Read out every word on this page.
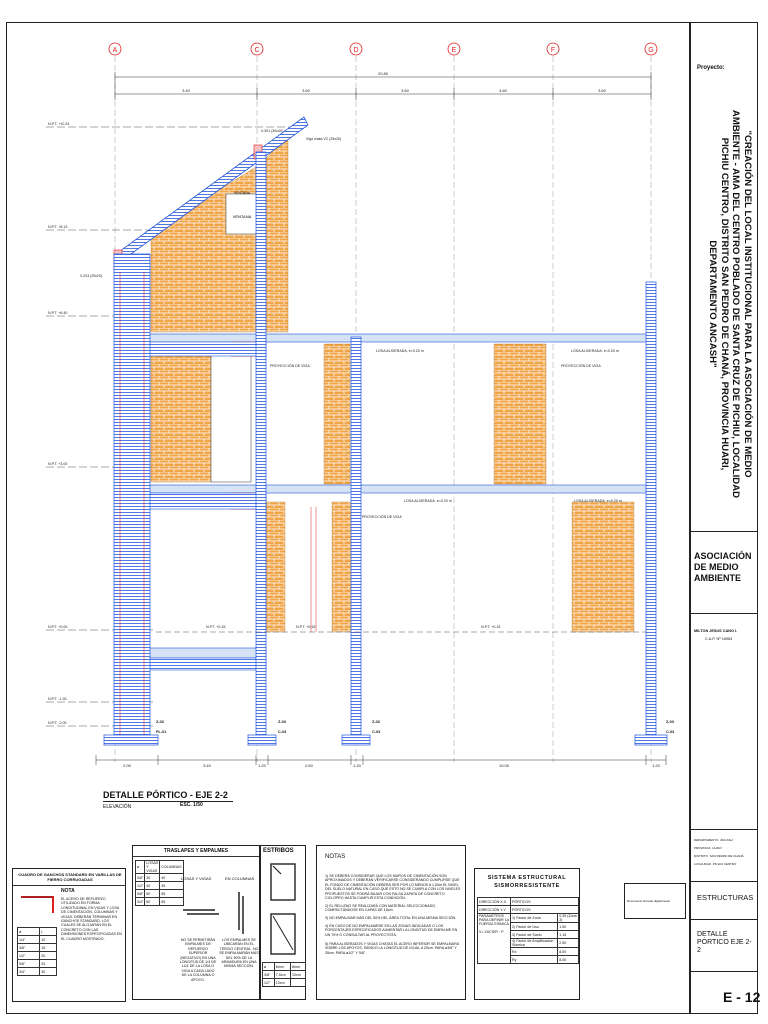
A	C	D	E	F	G
20.80
3.40	3.60	3.60	3.60	3.60
N.P.T. +10.24
N.P.T. +8.13
N.P.T. +6.40
N.P.T. +3.00
N.P.T. +0.00
N.P.T. -1.30
N.P.T. -2.00
VENTANA
VENTANA
V-301 (30x40)
Viga chata VC (25x20)
V-203 (25x20)
LOSA ALIGERADA, e=0.20 m	LOSA ALIGERADA, e=0.20 m
LOSA ALIGERADA, e=0.20 m	LOSA ALIGERADA, e=0.20 m
PROYECCIÓN DE VIGA	PROYECCIÓN DE VIGA
PROYECCIÓN DE VIGA
N.P.T. +0.15	N.P.T. +0.15	N.P.T. +0.15
Z-03
PL-01
Z-03
C-03
Z-03
C-03
Z-03
C-03
2.00	3.40	1.20	2.60	1.20	10.00	1.20
DETALLE PÓRTICO - EJE 2-2
ELEVACIÓN	ESC. 1/50
CUADRO DE GANCHOS STANDARD EN VARILLAS DE FIERRO CORRUGADAS
NOTA
EL ACERO DE REFUERZO UTILIZADO EN FORMA LONGITUDINAL EN VIGAS Y LOSA DE CIMENTACIÓN, COLUMNAS Y VIGAS, DEBERÁN TERMINAR EN GANCHOS STANDARD, LOS CUALES SE ALOJARÁN EN EL CONCRETO CON LAS DIMENSIONES ESPECIFICADAS EN EL CUADRO MOSTRADO.
ø	L
1/4"	10
3/8"	15
1/2"	20
5/8"	25
3/4"	30
TRASLAPES Y EMPALMES
ø	LOSAS Y VIGAS	COLUMNAS
3/8"	30	40
1/2"	40	45
5/8"	50	55
3/4"	60	65
LOSAS Y VIGAS	EN COLUMNAS
NO SE PERMITIRÁN EMPALMES DE REFUERZO SUPERIOR (NEGATIVO) EN UNA LONGITUD DE 1/4 DE LUZ DE LA LOSA O VIGA A CADA LADO DE LA COLUMNA O APOYO.
LOS EMPALMES SE UBICARÁN EN EL TERCIO CENTRAL. NO SE EMPALMARÁN MÁS DEL 50% DE LA ARMADURA EN UNA MISMA SECCIÓN.
ESTRIBOS
ø	6mm	8mm
3/8"	7.5cm	10cm
1/2"	10cm	
NOTAS
1) SE DEBERÁ CONSIDERAR QUE LOS MUROS DE CIMENTACIÓN SON APROXIMADOS Y DEBERÁN VERIFICARSE CONSIDERANDO CUMPLIRSE QUE EL FONDO DE CIMENTACIÓN DEBERÁ SER POR LO MENOS A 1.00m EL NIVEL DEL SUELO NATURAL EN CASO QUE ESTO NO SE CUMPLA CON LOS NIVELES PROPUESTOS SE PODRÁ BAJAR CON FALSA ZAPATA DE CONCRETO CICLÓPEO HASTA CUMPLIR ESTA CONDICIÓN.
2) EL RELLENO SE REALIZARÁ CON MATERIAL SELECCIONADO, COMPACTÁNDOSE EN CAPAS DE 15cm.
3) NO EMPALMAR MÁS DEL 50% DEL ÁREA TOTAL EN UNA MISMA SECCIÓN.
4) EN CASO DE NO EMPALMARSE EN LAS ZONAS INDICADAS O LOS PORCENTAJES ESPECIFICADOS AUMENTAR LA LONGITUD DE EMPALME EN UN 70% O CONSULTAR AL PROYECTISTA.
5) PARA ALIGERADOS Y VIGAS CHATAS EL ACERO INFERIOR SE EMPALMARÁ SOBRE LOS APOYOS, SIENDO LA LONGITUD DE IGUAL A 25cm. PARA ø3/8" Y 35cm. PARA ø1/2" Y 5/8".
SISTEMA ESTRUCTURAL
SISMORRESISTENTE
DIRECCIÓN X-X	PÓRTICOS	
DIRECCIÓN Y-Y	PÓRTICOS	
PARÁMETROS PARA DEFINIR LA FUERZA SÍSMICA

V= ZUCS/R · P	1) Factor de Zona	0.35 (Zona 3)
	2) Factor de Uso	1.50
	3) Factor de Suelo	1.15
	4) Factor de Amplificación Sísmica	2.50
	Rx	8.00
	Ry	8.00
Documento firmado digitalmente
Proyecto:
"CREACIÓN DEL LOCAL INSTITUCIONAL PARA LA ASOCIACIÓN DE MEDIO AMBIENTE - AMA DEL CENTRO POBLADO DE SANTA CRUZ DE PICHIU, LOCALIDAD PICHIU CENTRO, DISTRITO SAN PEDRO DE CHANÁ, PROVINCIA HUARI, DEPARTAMENTO ANCASH"
ASOCIACIÓN DE MEDIO AMBIENTE
MILTON JESUS CANO I.
C.A.P. Nº 16963
DEPARTAMENTO ÁNCASH
PROVINCIA HUARI
DISTRITO SAN PEDRO DE CHANÁ
LOCALIDAD PICHIU CENTRO
ESTRUCTURAS
DETALLE PÓRTICO EJE 2-2
E - 12
